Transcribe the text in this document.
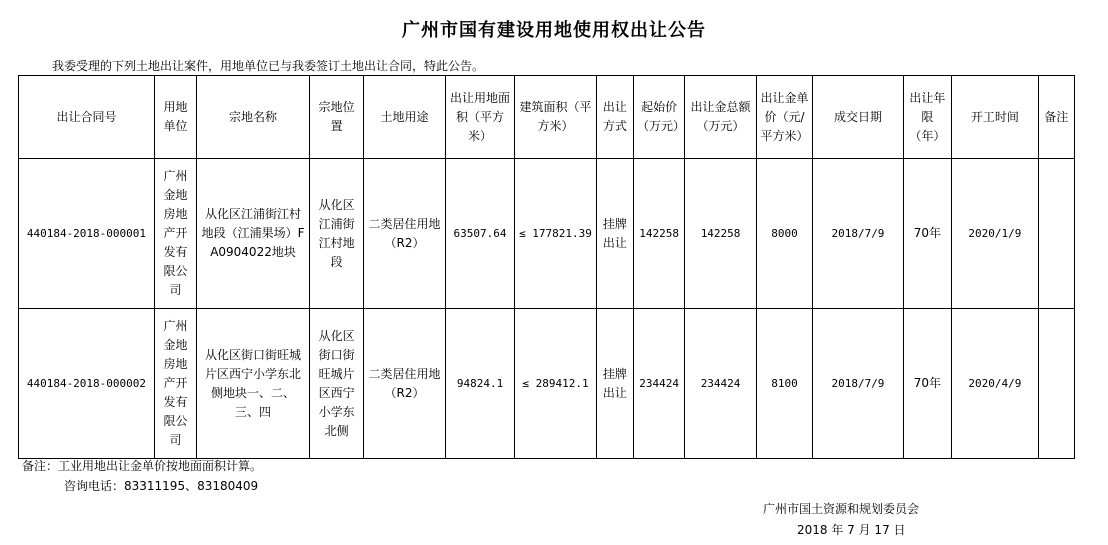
广州市国有建设用地使用权出让公告
我委受理的下列土地出让案件，用地单位已与我委签订土地出让合同，特此公告。
出让合同号	用地单位	宗地名称	宗地位置	土地用途	出让用地面积（平方米）	建筑面积（平方米）	出让方式	起始价（万元）	出让金总额（万元）	出让金单价（元/平方米）	成交日期	出让年限（年）	开工时间	备注
440184-2018-000001	广州金地房地产开发有限公司	从化区江浦街江村地段（江浦果场）FA0904022地块	从化区江浦街江村地段	二类居住用地（R2）	63507.64	≤ 177821.39	挂牌出让	142258	142258	8000	2018/7/9	70年	2020/1/9	
440184-2018-000002	广州金地房地产开发有限公司	从化区街口街旺城片区西宁小学东北侧地块一、二、三、四	从化区街口街旺城片区西宁小学东北侧	二类居住用地（R2）	94824.1	≤ 289412.1	挂牌出让	234424	234424	8100	2018/7/9	70年	2020/4/9	
备注：工业用地出让金单价按地面面积计算。
咨询电话：83311195、83180409
广州市国土资源和规划委员会
2018 年 7 月 17 日
